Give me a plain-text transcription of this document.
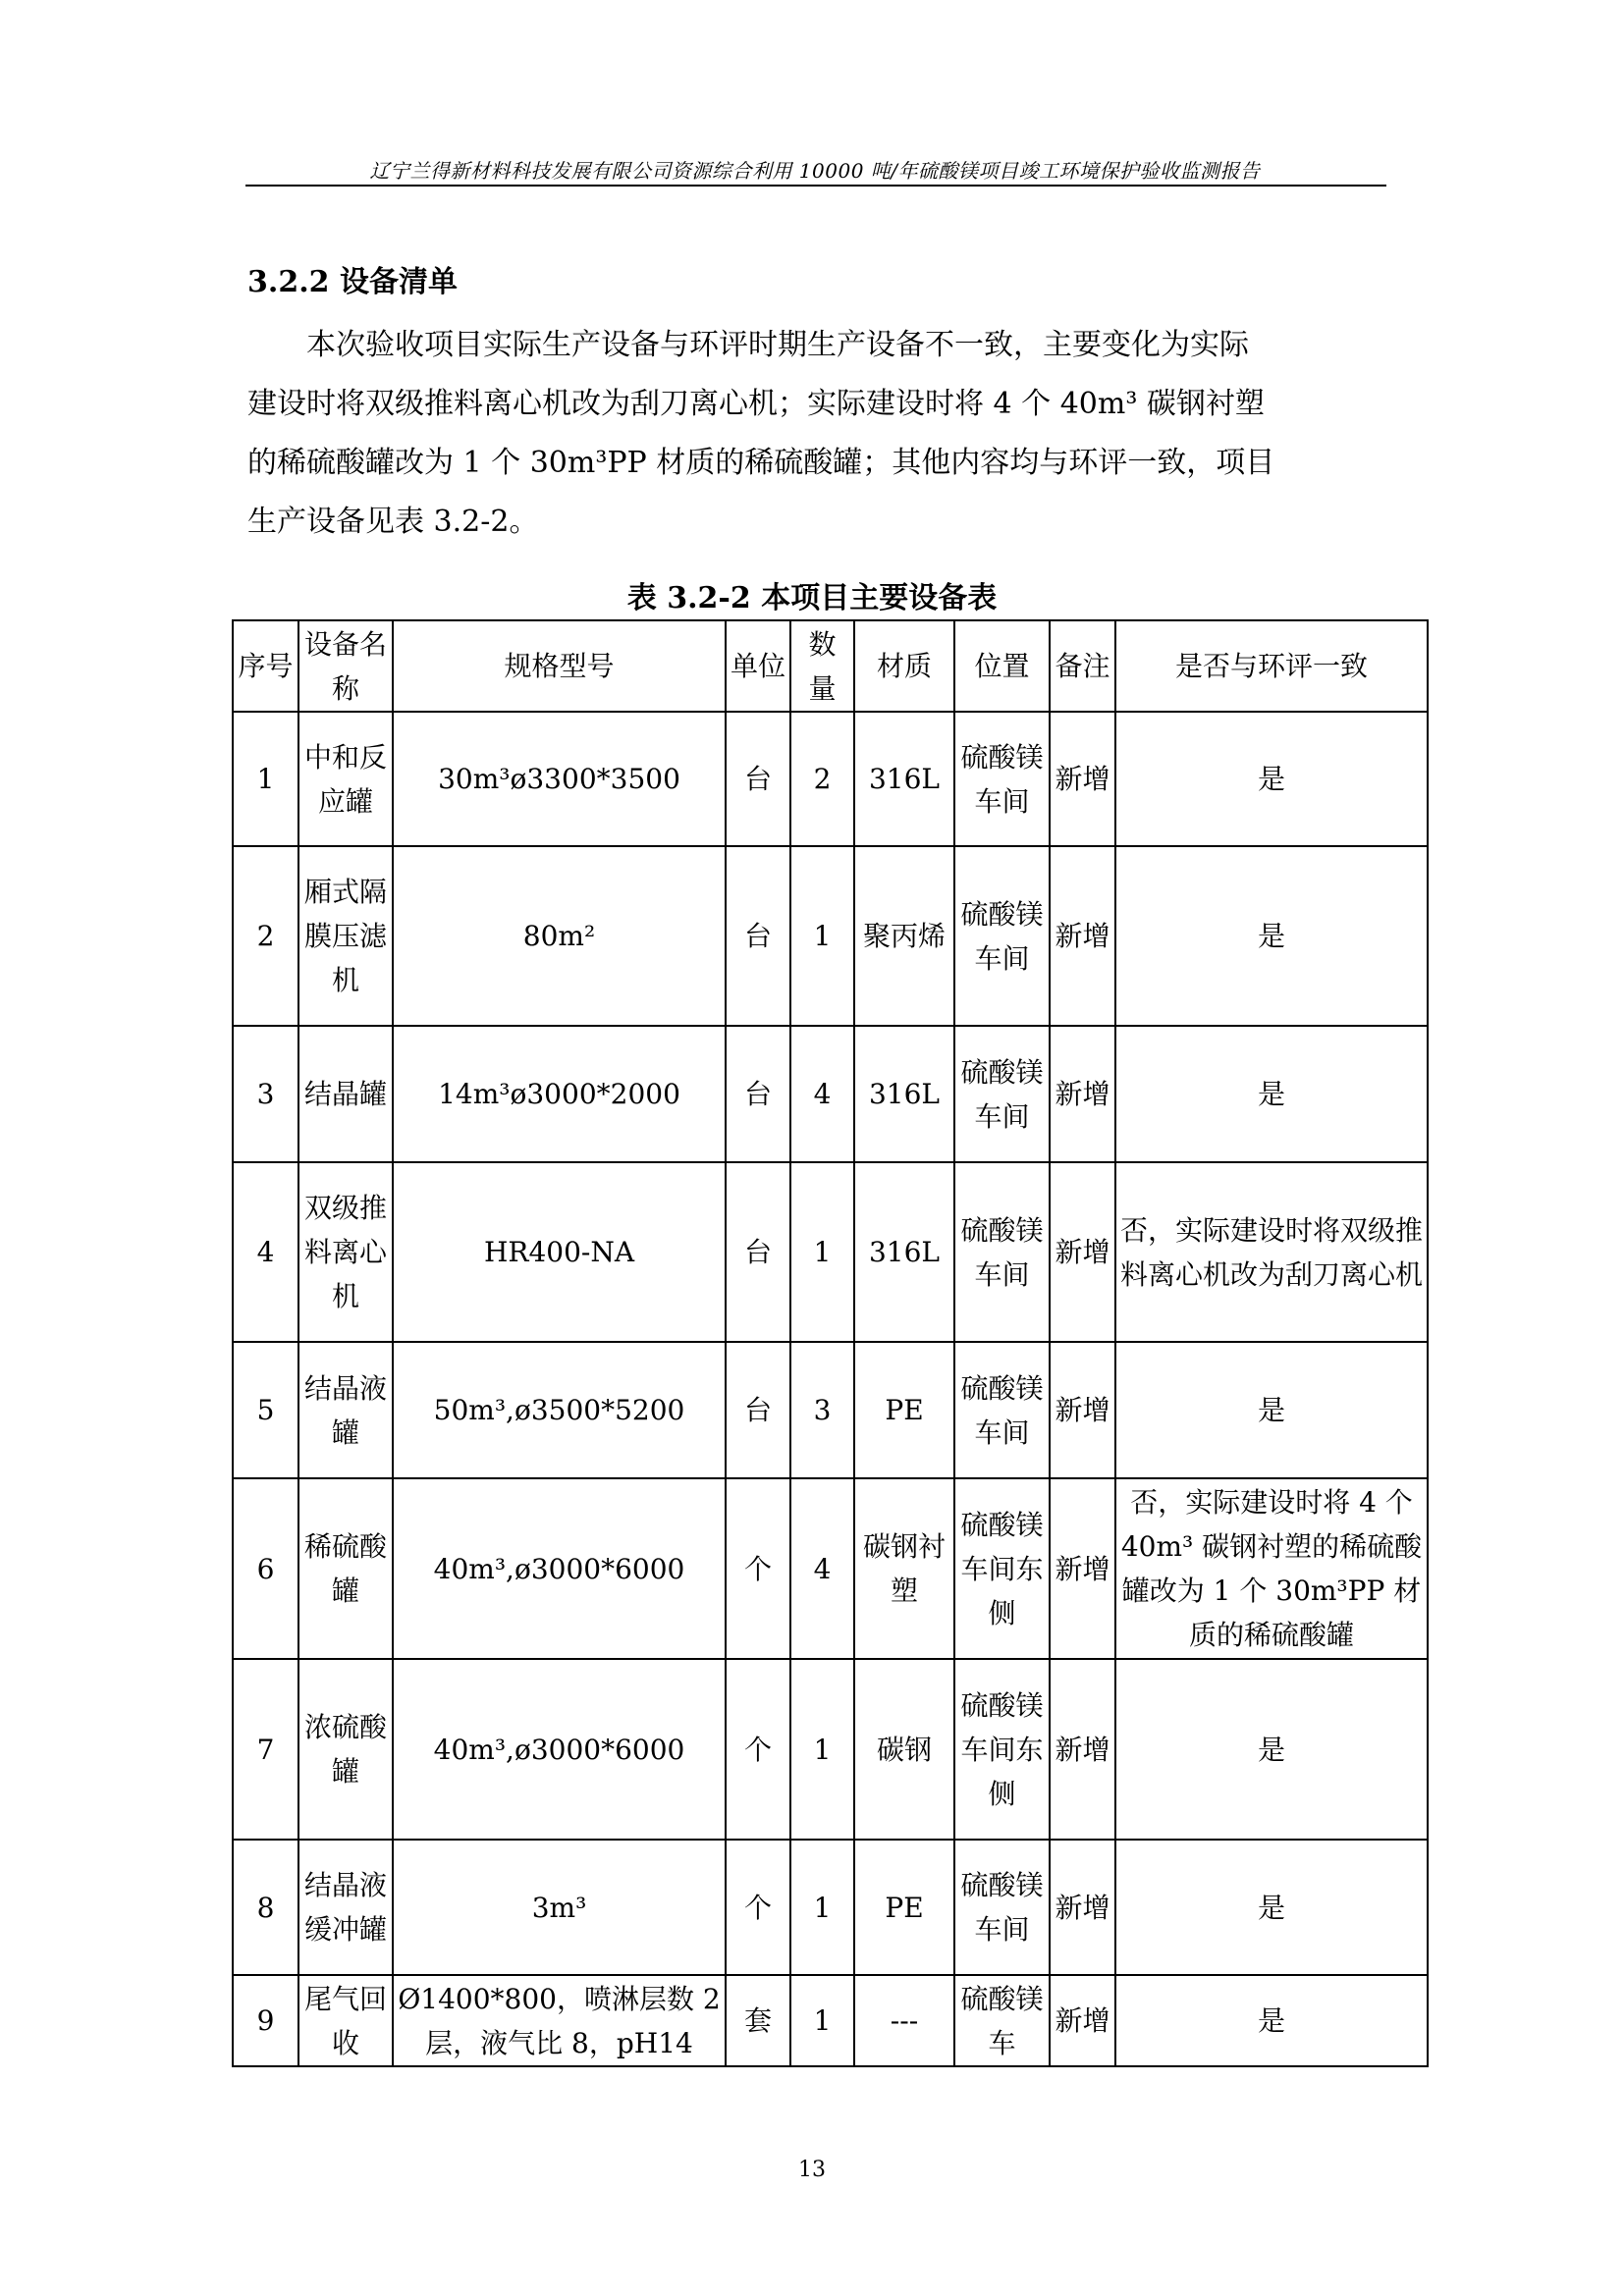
辽宁兰得新材料科技发展有限公司资源综合利用 10000 吨/年硫酸镁项目竣工环境保护验收监测报告
3.2.2 设备清单
本次验收项目实际生产设备与环评时期生产设备不一致，主要变化为实际
建设时将双级推料离心机改为刮刀离心机；实际建设时将 4 个 40m³ 碳钢衬塑
的稀硫酸罐改为 1 个 30m³PP 材质的稀硫酸罐；其他内容均与环评一致，项目
生产设备见表 3.2-2。
表 3.2-2 本项目主要设备表
序号	设备名称	规格型号	单位	数量	材质	位置	备注	是否与环评一致
1	中和反应罐	30m³ø3300*3500	台	2	316L	硫酸镁车间	新增	是
2	厢式隔膜压滤机	80m²	台	1	聚丙烯	硫酸镁车间	新增	是
3	结晶罐	14m³ø3000*2000	台	4	316L	硫酸镁车间	新增	是
4	双级推料离心机	HR400-NA	台	1	316L	硫酸镁车间	新增	否，实际建设时将双级推料离心机改为刮刀离心机
5	结晶液罐	50m³,ø3500*5200	台	3	PE	硫酸镁车间	新增	是
6	稀硫酸罐	40m³,ø3000*6000	个	4	碳钢衬塑	硫酸镁车间东侧	新增	否，实际建设时将 4 个 40m³ 碳钢衬塑的稀硫酸罐改为 1 个 30m³PP 材质的稀硫酸罐
7	浓硫酸罐	40m³,ø3000*6000	个	1	碳钢	硫酸镁车间东侧	新增	是
8	结晶液缓冲罐	3m³	个	1	PE	硫酸镁车间	新增	是
9	尾气回收	Ø1400*800，喷淋层数 2 层，液气比 8，pH14	套	1	---	硫酸镁车	新增	是
13
